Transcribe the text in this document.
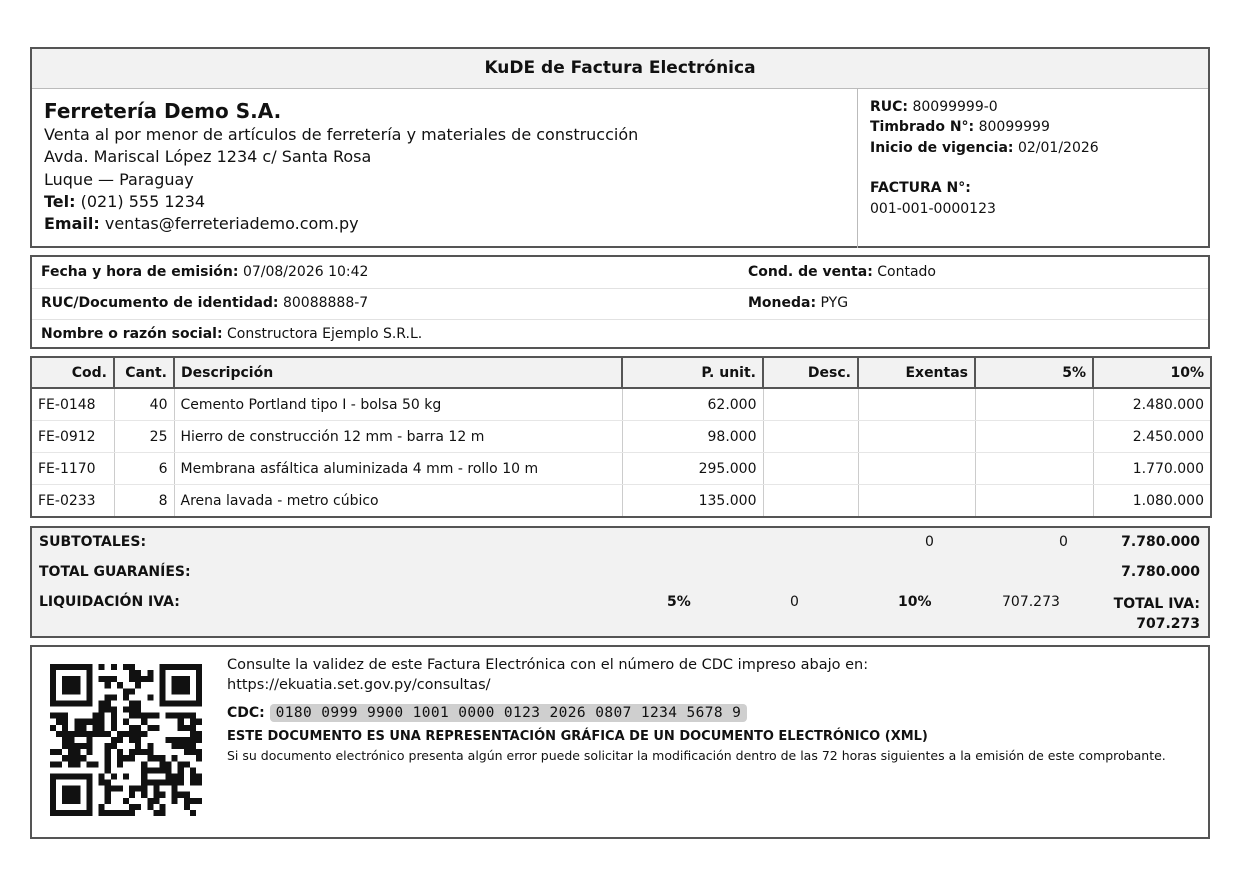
KuDE de Factura Electrónica
Ferretería Demo S.A.
Venta al por menor de artículos de ferretería y materiales de construcción
Avda. Mariscal López 1234 c/ Santa Rosa
Luque — Paraguay
Tel: (021) 555 1234
Email: ventas@ferreteriademo.com.py
RUC: 80099999-0
Timbrado N°: 80099999
Inicio de vigencia: 02/01/2026
FACTURA N°:
001-001-0000123
Fecha y hora de emisión: 07/08/2026 10:42	Cond. de venta: Contado
RUC/Documento de identidad: 80088888-7	Moneda: PYG
Nombre o razón social: Constructora Ejemplo S.R.L.
Cod.	Cant.	Descripción	P. unit.	Desc.	Exentas	5%	10%
FE-0148	40	Cemento Portland tipo I - bolsa 50 kg	62.000				2.480.000
FE-0912	25	Hierro de construcción 12 mm - barra 12 m	98.000				2.450.000
FE-1170	6	Membrana asfáltica aluminizada 4 mm - rollo 10 m	295.000				1.770.000
FE-0233	8	Arena lavada - metro cúbico	135.000				1.080.000
SUBTOTALES:	0	0	7.780.000
TOTAL GUARANÍES:	7.780.000
LIQUIDACIÓN IVA:	5%	0	10%	707.273	TOTAL IVA:
707.273
Consulte la validez de este Factura Electrónica con el número de CDC impreso abajo en:
https://ekuatia.set.gov.py/consultas/
CDC: 0180 0999 9900 1001 0000 0123 2026 0807 1234 5678 9
ESTE DOCUMENTO ES UNA REPRESENTACIÓN GRÁFICA DE UN DOCUMENTO ELECTRÓNICO (XML)
Si su documento electrónico presenta algún error puede solicitar la modificación dentro de las 72 horas siguientes a la emisión de este comprobante.
